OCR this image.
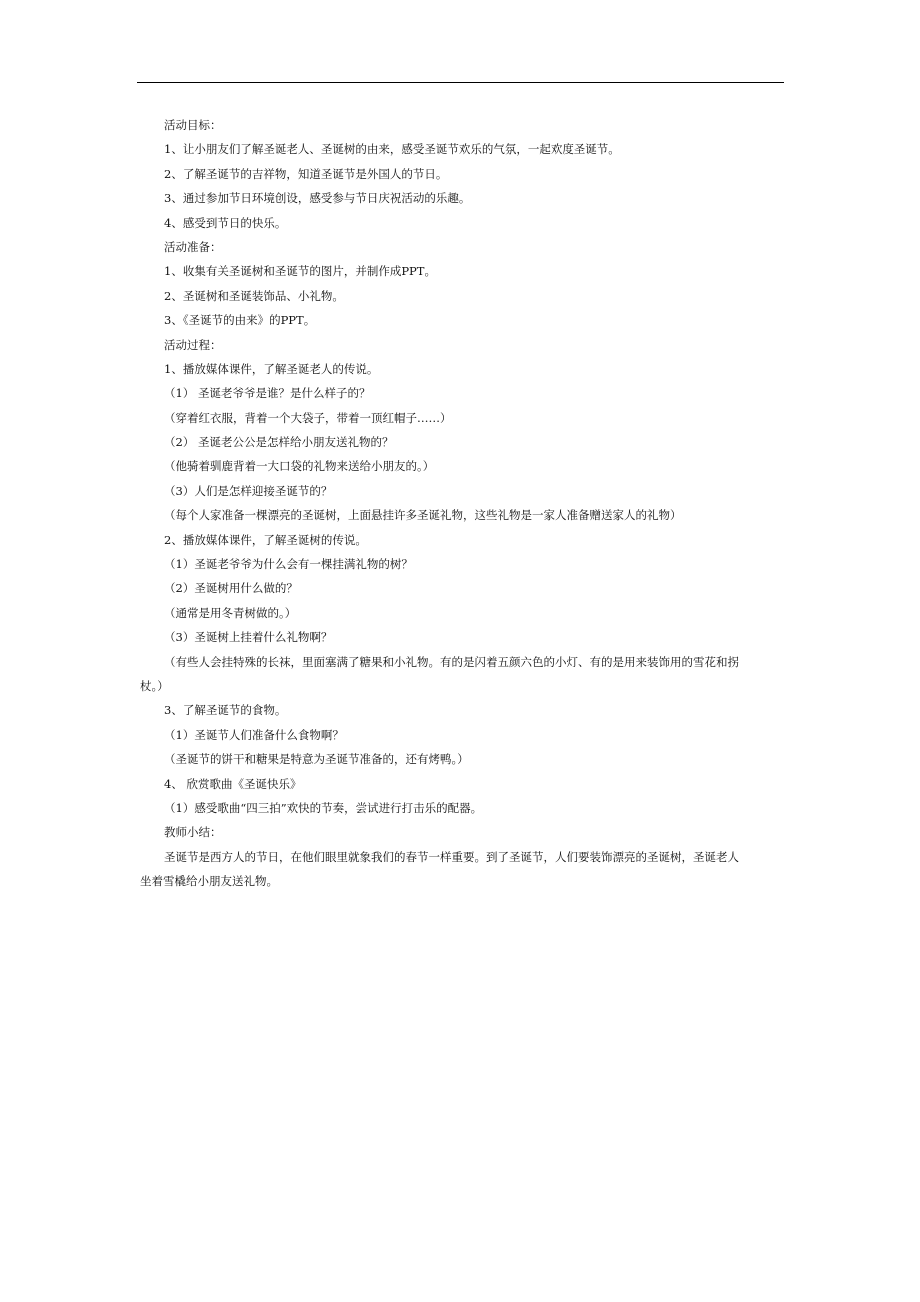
活动目标：
1、让小朋友们了解圣诞老人、圣诞树的由来，感受圣诞节欢乐的气氛，一起欢度圣诞节。
2、了解圣诞节的吉祥物，知道圣诞节是外国人的节日。
3、通过参加节日环境创设，感受参与节日庆祝活动的乐趣。
4、感受到节日的快乐。
活动准备：
1、收集有关圣诞树和圣诞节的图片，并制作成PPT。
2、圣诞树和圣诞装饰品、小礼物。
3、《圣诞节的由来》的PPT。
活动过程：
1、播放媒体课件，了解圣诞老人的传说。
（1） 圣诞老爷爷是谁？是什么样子的？
（穿着红衣服，背着一个大袋子，带着一顶红帽子……）
（2） 圣诞老公公是怎样给小朋友送礼物的？
（他骑着驯鹿背着一大口袋的礼物来送给小朋友的。）
（3）人们是怎样迎接圣诞节的？
（每个人家准备一棵漂亮的圣诞树，上面悬挂许多圣诞礼物，这些礼物是一家人准备赠送家人的礼物）
2、播放媒体课件，了解圣诞树的传说。
（1）圣诞老爷爷为什么会有一棵挂满礼物的树？
（2）圣诞树用什么做的？
（通常是用冬青树做的。）
（3）圣诞树上挂着什么礼物啊？
（有些人会挂特殊的长袜，里面塞满了糖果和小礼物。有的是闪着五颜六色的小灯、有的是用来装饰用的雪花和拐
杖。）
3、了解圣诞节的食物。
（1）圣诞节人们准备什么食物啊？
（圣诞节的饼干和糖果是特意为圣诞节准备的，还有烤鸭。）
4、 欣赏歌曲《圣诞快乐》
（1）感受歌曲“四三拍”欢快的节奏，尝试进行打击乐的配器。
教师小结：
圣诞节是西方人的节日，在他们眼里就象我们的春节一样重要。到了圣诞节，人们要装饰漂亮的圣诞树，圣诞老人
坐着雪橇给小朋友送礼物。
